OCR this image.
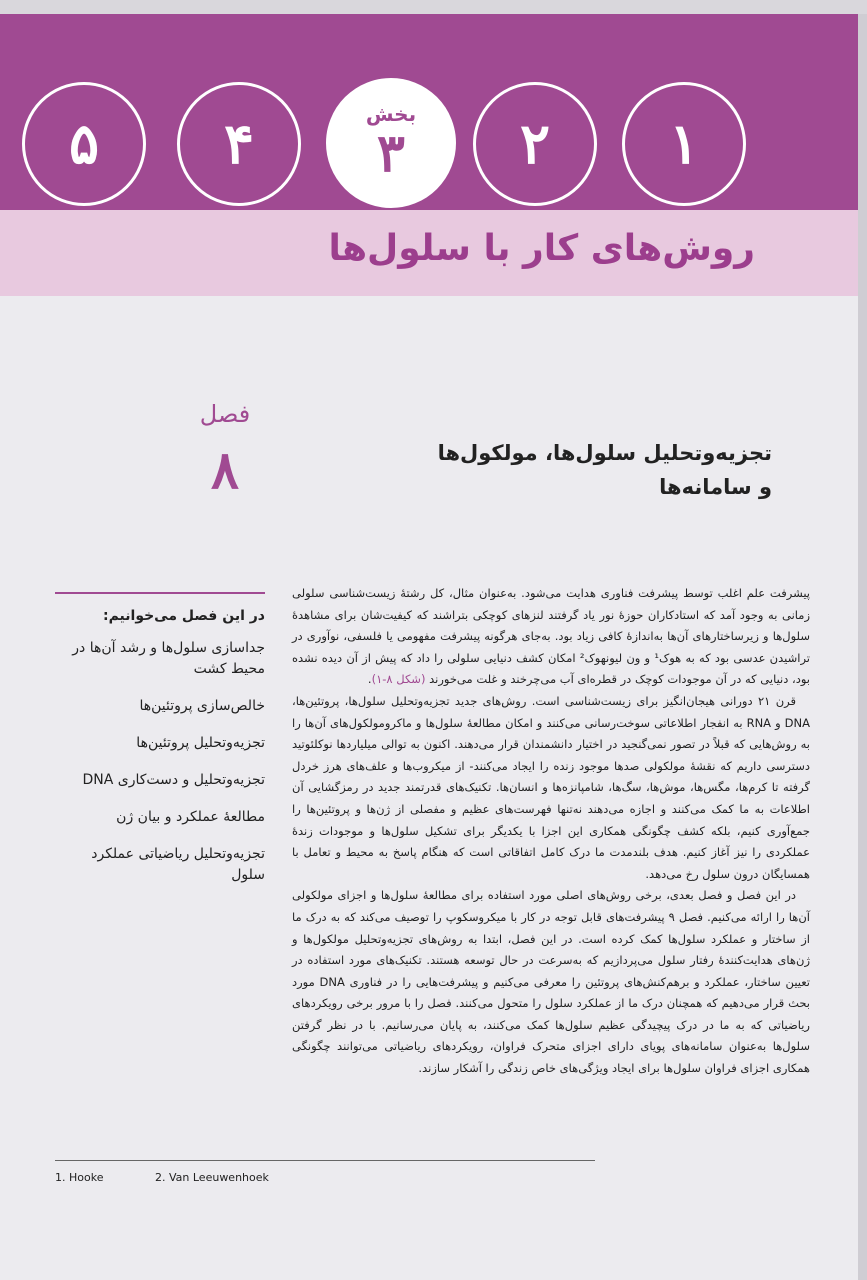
۵ ۴	بخش
۳ ۲ ۱
روش‌های کار با سلول‌ها
فصل
۸	تجزیه‌وتحلیل سلول‌ها، مولکول‌ها
و سامانه‌ها
در این فصل می‌خوانیم:
جداسازی سلول‌ها و رشد آن‌ها در محیط کشت
خالص‌سازی پروتئین‌ها
تجزیه‌وتحلیل پروتئین‌ها
تجزیه‌وتحلیل و دست‌کاری DNA
مطالعهٔ عملکرد و بیان ژن
تجزیه‌وتحلیل ریاضیاتی عملکرد سلول

پیشرفت علم اغلب توسط پیشرفت فناوری هدایت می‌شود. به‌عنوان مثال، کل رشتهٔ زیست‌شناسی سلولی زمانی به وجود آمد که استادکاران حوزهٔ نور یاد گرفتند لنزهای کوچکی بتراشند که کیفیت‌شان برای مشاهدهٔ سلول‌ها و زیرساختارهای آن‌ها به‌اندازهٔ کافی زیاد بود. به‌جای هرگونه پیشرفت مفهومی یا فلسفی، نوآوری در تراشیدن عدسی بود که به هوک¹ و ون لیونهوک² امکان کشف دنیایی سلولی را داد که پیش از آن دیده نشده بود، دنیایی که در آن موجودات کوچک در قطره‌ای آب می‌چرخند و غلت می‌خورند (شکل ۸-۱).

قرن ۲۱ دورانی هیجان‌انگیز برای زیست‌شناسی است. روش‌های جدید تجزیه‌وتحلیل سلول‌ها، پروتئین‌ها، DNA و RNA به انفجار اطلاعاتی سوخت‌رسانی می‌کنند و امکان مطالعهٔ سلول‌ها و ماکرومولکول‌های آن‌ها را به روش‌هایی که قبلاً در تصور نمی‌گنجید در اختیار دانشمندان قرار می‌دهند. اکنون به توالی میلیاردها نوکلئوتید دسترسی داریم که نقشهٔ مولکولی صدها موجود زنده را ایجاد می‌کنند- از میکروب‌ها و علف‌های هرز خردل گرفته تا کرم‌ها، مگس‌ها، موش‌ها، سگ‌ها، شامپانزه‌ها و انسان‌ها. تکنیک‌های قدرتمند جدید در رمزگشایی آن اطلاعات به ما کمک می‌کنند و اجازه می‌دهند نه‌تنها فهرست‌های عظیم و مفصلی از ژن‌ها و پروتئین‌ها را جمع‌آوری کنیم، بلکه کشف چگونگی همکاری این اجزا با یکدیگر برای تشکیل سلول‌ها و موجودات زندهٔ عملکردی را نیز آغاز کنیم. هدف بلندمدت ما درک کامل اتفاقاتی است که هنگام پاسخ به محیط و تعامل با همسایگان درون سلول رخ می‌دهد.

در این فصل و فصل بعدی، برخی روش‌های اصلی مورد استفاده برای مطالعهٔ سلول‌ها و اجزای مولکولی آن‌ها را ارائه می‌کنیم. فصل ۹ پیشرفت‌های قابل توجه در کار با میکروسکوپ را توصیف می‌کند که به درک ما از ساختار و عملکرد سلول‌ها کمک کرده است. در این فصل، ابتدا به روش‌های تجزیه‌وتحلیل مولکول‌ها و ژن‌های هدایت‌کنندهٔ رفتار سلول می‌پردازیم که به‌سرعت در حال توسعه هستند. تکنیک‌های مورد استفاده در تعیین ساختار، عملکرد و برهم‌کنش‌های پروتئین را معرفی می‌کنیم و پیشرفت‌هایی را در فناوری DNA مورد بحث قرار می‌دهیم که همچنان درک ما از عملکرد سلول را متحول می‌کنند. فصل را با مرور برخی رویکردهای ریاضیاتی که به ما در درک پیچیدگی عظیم سلول‌ها کمک می‌کنند، به پایان می‌رسانیم. با در نظر گرفتن سلول‌ها به‌عنوان سامانه‌های پویای دارای اجزای متحرک فراوان، رویکردهای ریاضیاتی می‌توانند چگونگی همکاری اجزای فراوان سلول‌ها برای ایجاد ویژگی‌های خاص زندگی را آشکار سازند.

1. Hooke	2. Van Leeuwenhoek
